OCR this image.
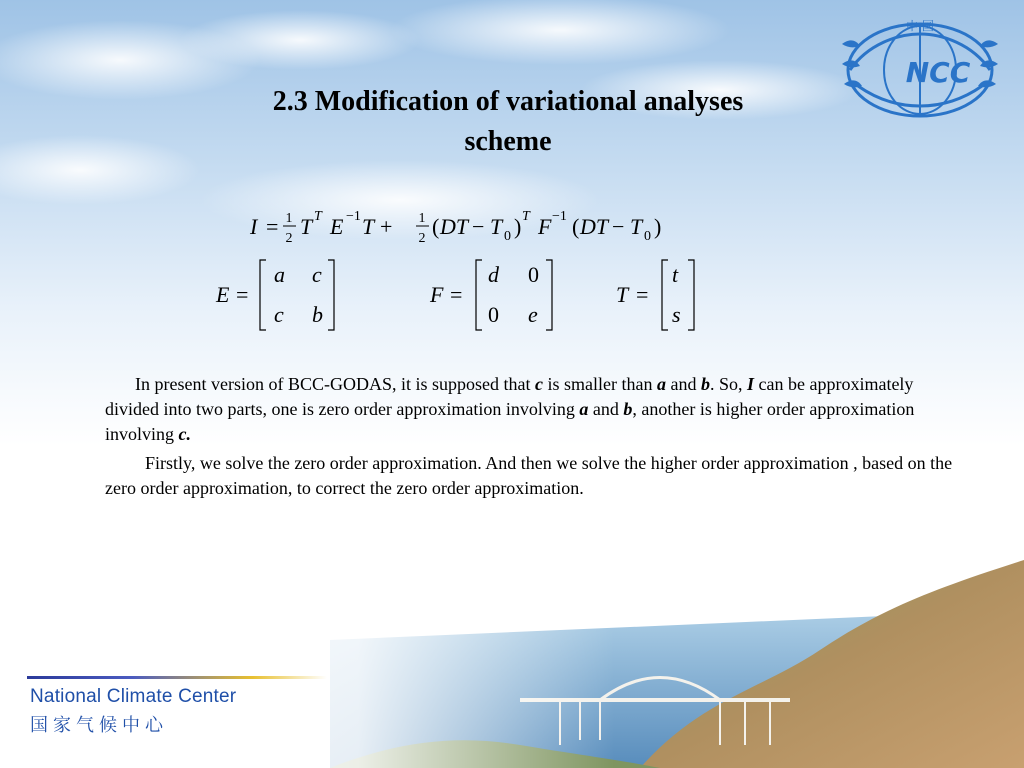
中 国
NCC
2.3 Modification of variational analyses
scheme
I = 1
2 T T E −1 T + 1
2 ( DT − T 0 ) T F −1 ( DT − T 0 )
E =
a c
c b
F =
d 0
0 e
T =
t
s

In present version of BCC-GODAS, it is supposed that c is smaller than a and b. So, I can be approximately divided into two parts, one is zero order approximation involving a and b, another is higher order approximation involving c.

Firstly, we solve the zero order approximation. And then we solve the higher order approximation , based on the zero order approximation, to correct the zero order approximation.

National Climate Center
国家气候中心
